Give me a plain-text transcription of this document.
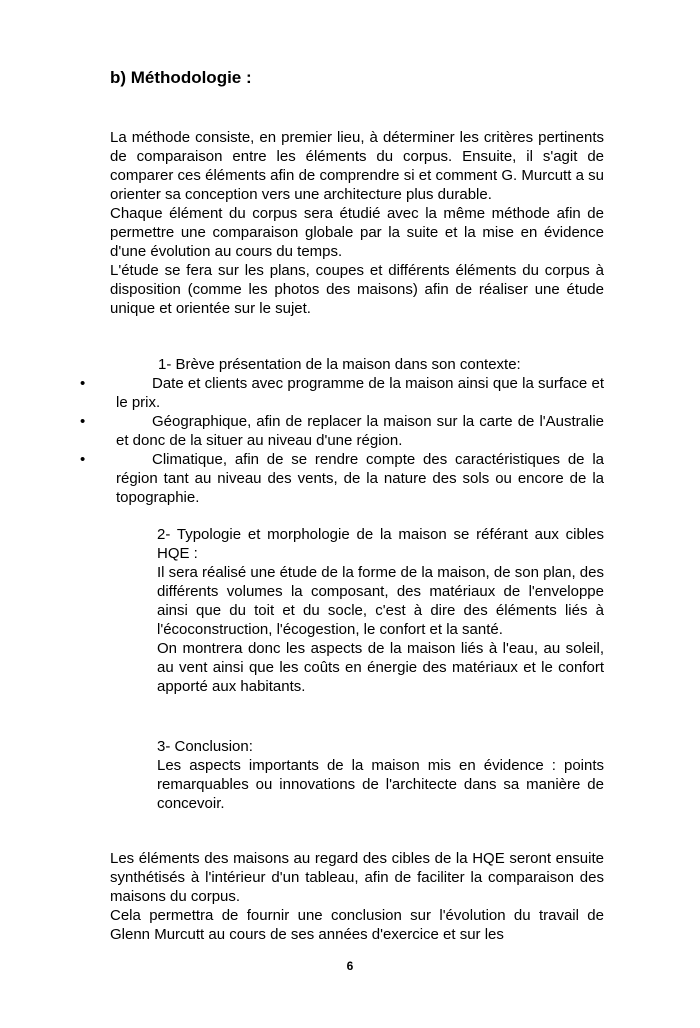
b) Méthodologie :

La méthode consiste, en premier lieu, à déterminer les critères pertinents de comparaison entre les éléments du corpus. Ensuite, il s'agit de comparer ces éléments afin de comprendre si et comment G. Murcutt a su orienter sa conception vers une architecture plus durable.

Chaque élément du corpus sera étudié avec la même méthode afin de permettre une comparaison globale par la suite et la mise en évidence d'une évolution au cours du temps.

L'étude se fera sur les plans, coupes et différents éléments du corpus à disposition (comme les photos des maisons) afin de réaliser une étude unique et orientée sur le sujet.

1- Brève présentation de la maison dans son contexte:

•	Date et clients avec programme de la maison ainsi que la surface et le prix.
•	Géographique, afin de replacer la maison sur la carte de l'Australie et donc de la situer au niveau d'une région.
•	Climatique, afin de se rendre compte des caractéristiques de la région tant au niveau des vents, de la nature des sols ou encore de la topographie.

2- Typologie et morphologie de la maison se référant aux cibles HQE :

Il sera réalisé une étude de la forme de la maison, de son plan, des différents volumes la composant, des matériaux de l'enveloppe ainsi que du toit et du socle, c'est à dire des éléments liés à l'écoconstruction, l'écogestion, le confort et la santé.

On montrera donc les aspects de la maison liés à l'eau, au soleil, au vent ainsi que les coûts en énergie des matériaux et le confort apporté aux habitants.

3- Conclusion:

Les aspects importants de la maison mis en évidence : points remarquables ou innovations de l'architecte dans sa manière de concevoir.

Les éléments des maisons au regard des cibles de la HQE seront ensuite synthétisés à l'intérieur d'un tableau, afin de faciliter la comparaison des maisons du corpus.

Cela permettra de fournir une conclusion sur l'évolution du travail de Glenn Murcutt au cours de ses années d'exercice et sur les

6
